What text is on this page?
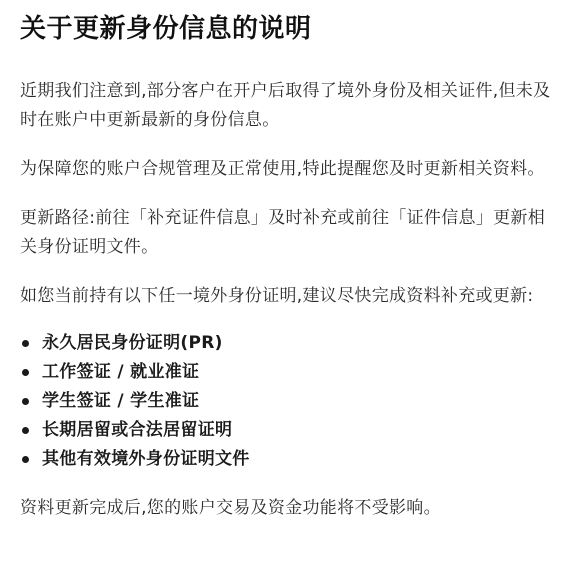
关于更新身份信息的说明

近期我们注意到,部分客户在开户后取得了境外身份及相关证件,但未及时在账户中更新最新的身份信息。

为保障您的账户合规管理及正常使用,特此提醒您及时更新相关资料。

更新路径:前往「补充证件信息」及时补充或前往「证件信息」更新相关身份证明文件。

如您当前持有以下任一境外身份证明,建议尽快完成资料补充或更新:

永久居民身份证明(PR)
工作签证 / 就业准证
学生签证 / 学生准证
长期居留或合法居留证明
其他有效境外身份证明文件

资料更新完成后,您的账户交易及资金功能将不受影响。
